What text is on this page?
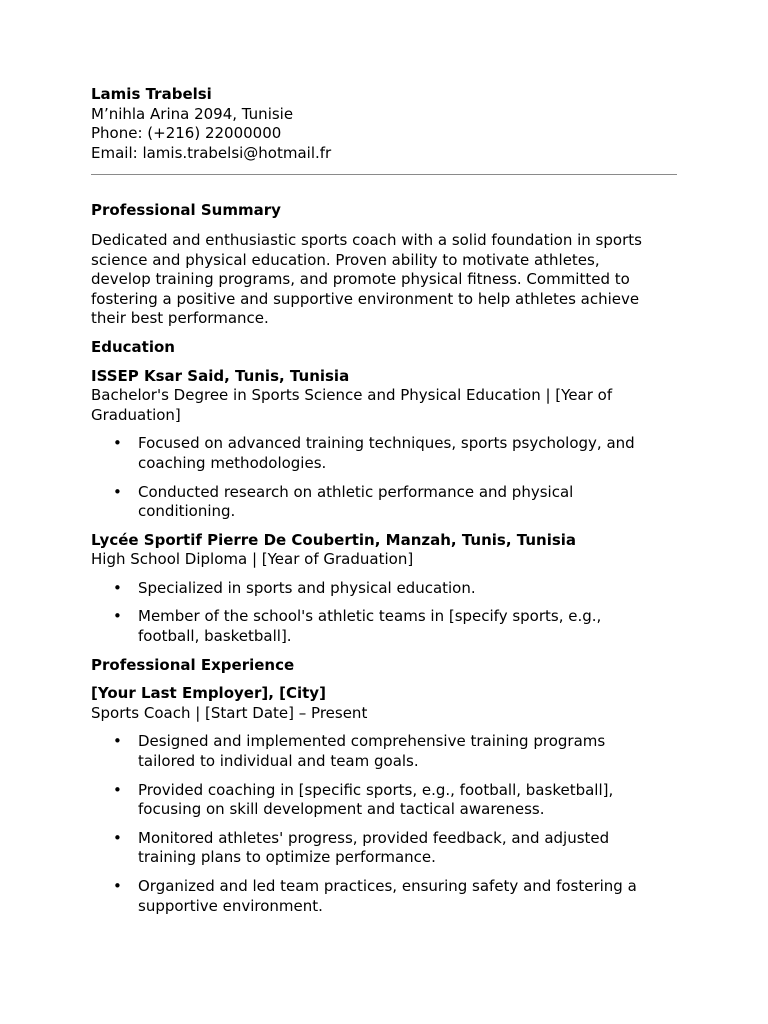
Lamis Trabelsi

M’nihla Arina 2094, Tunisie

Phone: (+216) 22000000

Email: lamis.trabelsi@hotmail.fr

Professional Summary

Dedicated and enthusiastic sports coach with a solid foundation in sports

science and physical education. Proven ability to motivate athletes,

develop training programs, and promote physical fitness. Committed to

fostering a positive and supportive environment to help athletes achieve

their best performance.

Education

ISSEP Ksar Said, Tunis, Tunisia

Bachelor's Degree in Sports Science and Physical Education | [Year of

Graduation]

• Focused on advanced training techniques, sports psychology, and
coaching methodologies.
• Conducted research on athletic performance and physical
conditioning.

Lycée Sportif Pierre De Coubertin, Manzah, Tunis, Tunisia

High School Diploma | [Year of Graduation]

• Specialized in sports and physical education.
• Member of the school's athletic teams in [specify sports, e.g.,
football, basketball].

Professional Experience

[Your Last Employer], [City]

Sports Coach | [Start Date] – Present

• Designed and implemented comprehensive training programs
tailored to individual and team goals.
• Provided coaching in [specific sports, e.g., football, basketball],
focusing on skill development and tactical awareness.
• Monitored athletes' progress, provided feedback, and adjusted
training plans to optimize performance.
• Organized and led team practices, ensuring safety and fostering a
supportive environment.
